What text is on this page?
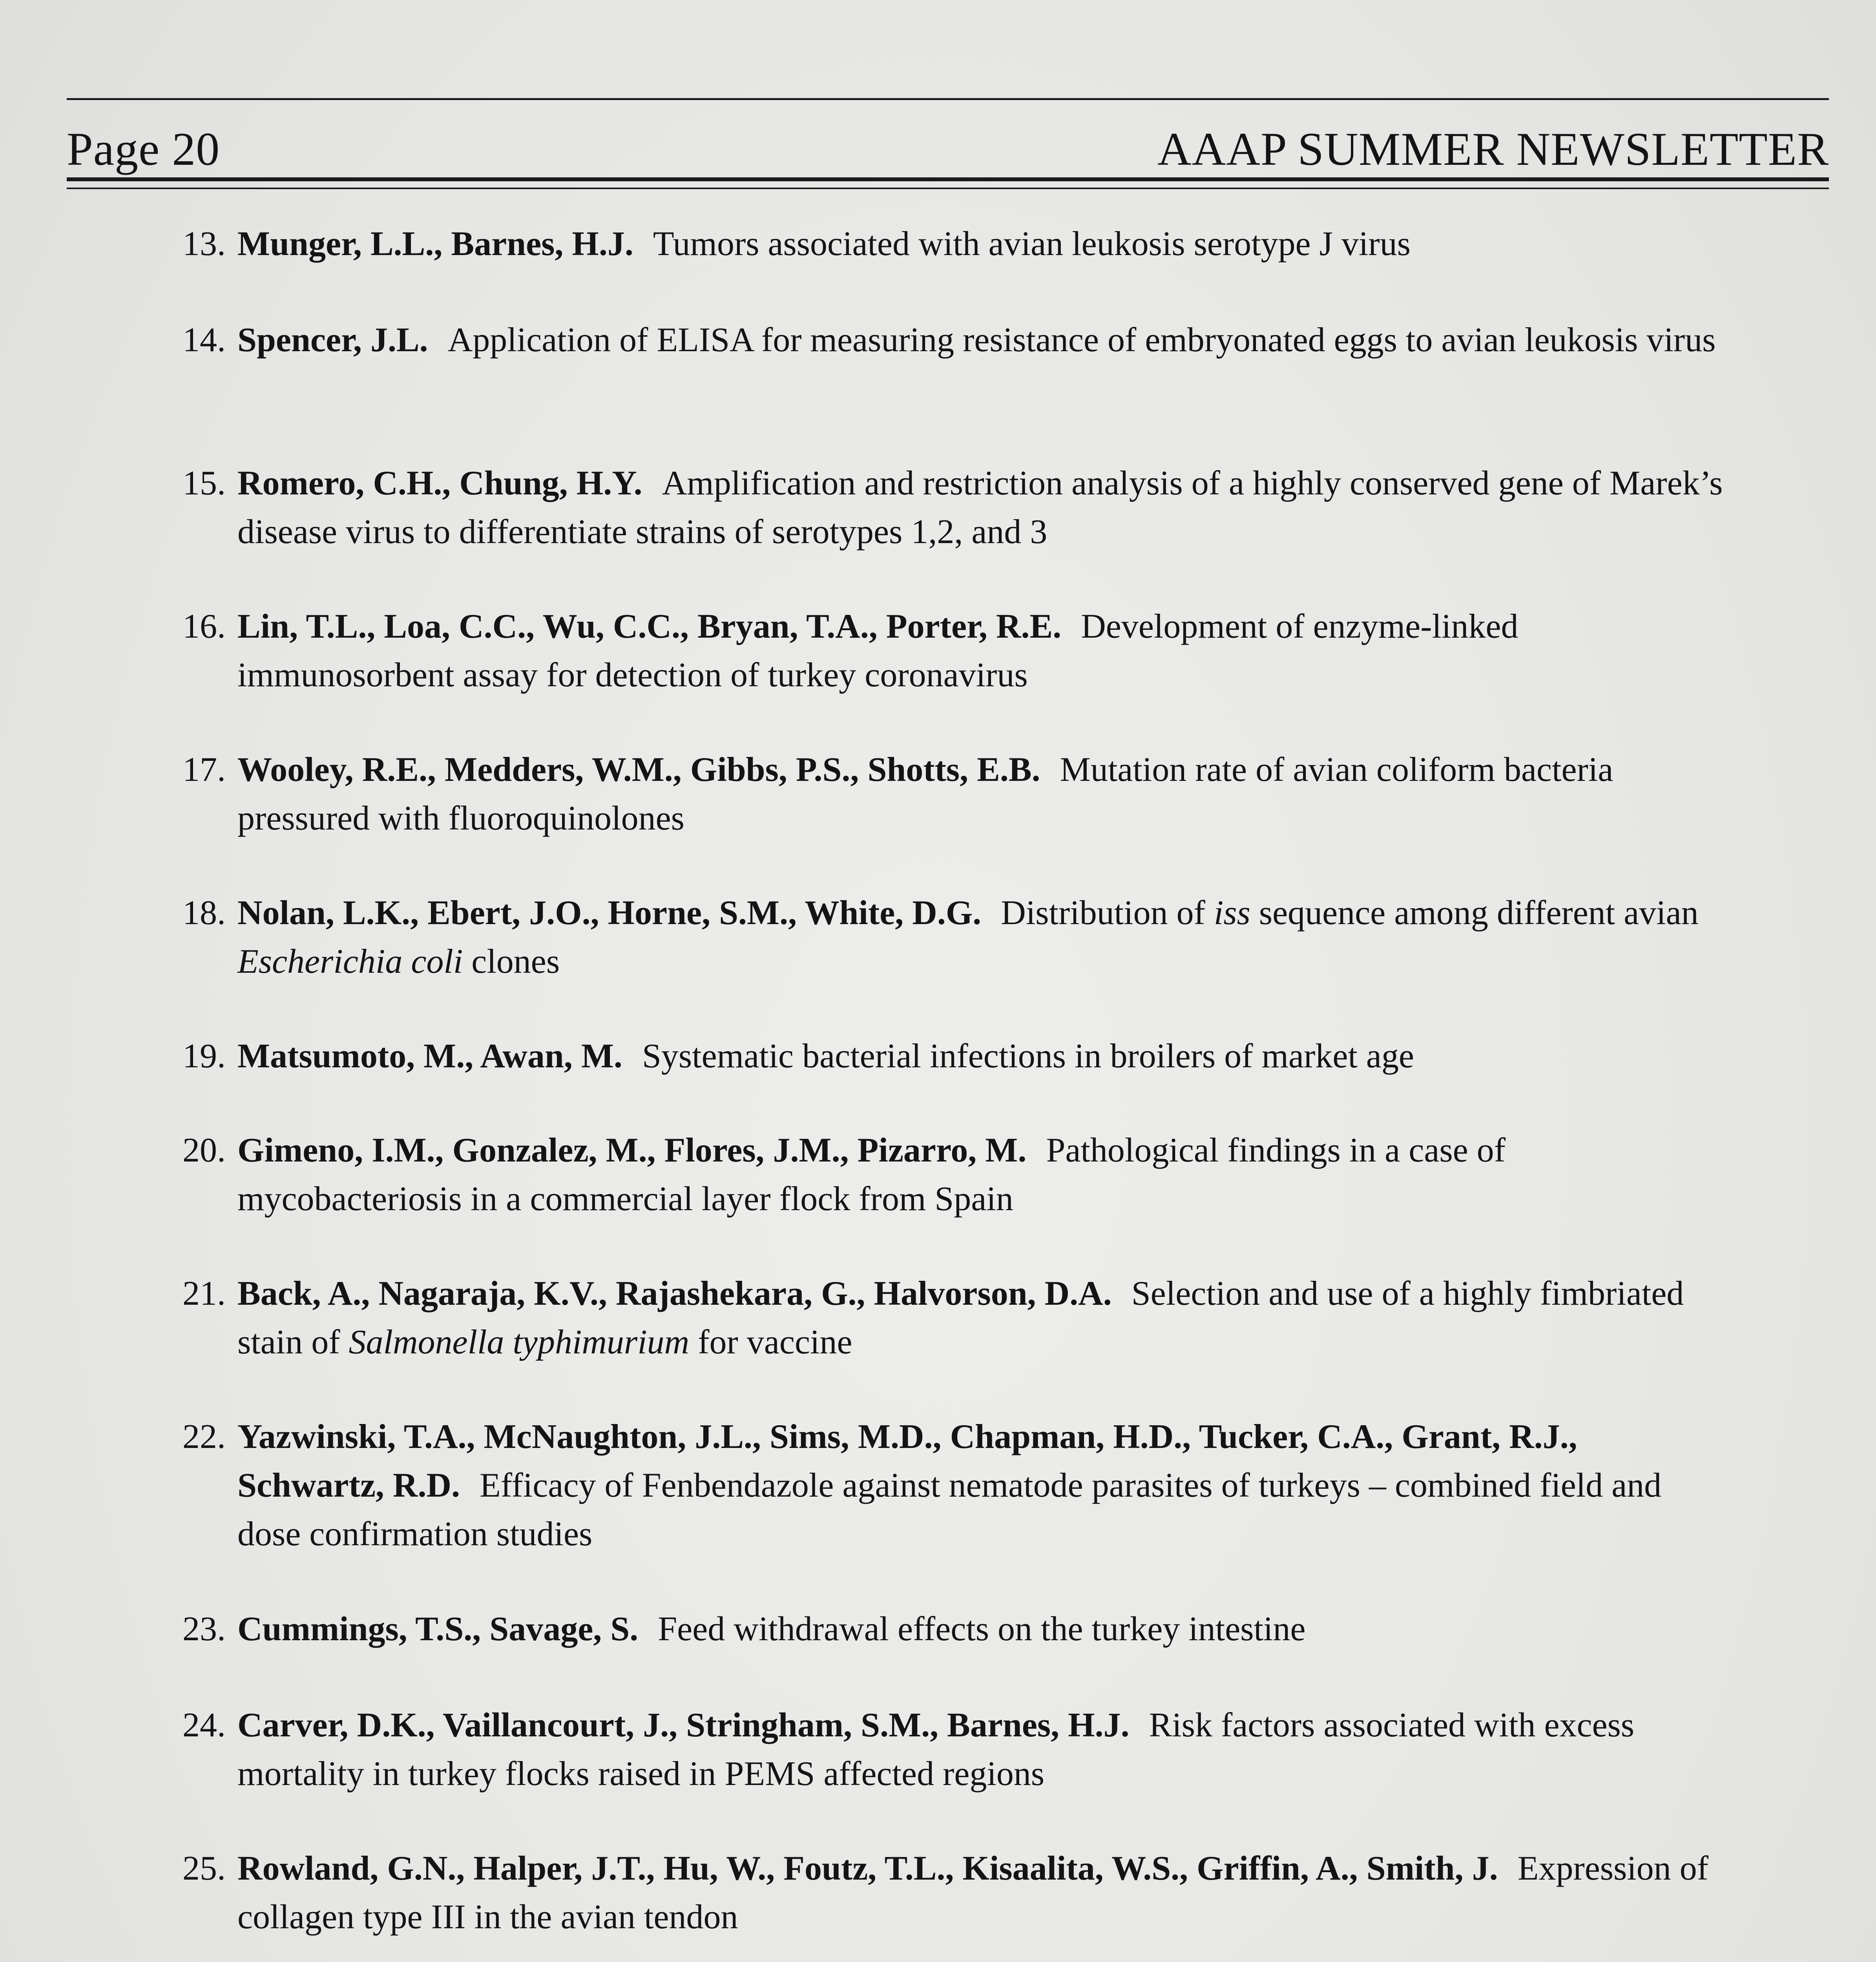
Page 20	AAAP SUMMER NEWSLETTER
13. Munger, L.L., Barnes, H.J. Tumors associated with avian leukosis serotype J virus
14. Spencer, J.L. Application of ELISA for measuring resistance of embryonated eggs to avian leukosis virus
15. Romero, C.H., Chung, H.Y. Amplification and restriction analysis of a highly conserved gene of Marek’s disease virus to differentiate strains of serotypes 1,2, and 3
16. Lin, T.L., Loa, C.C., Wu, C.C., Bryan, T.A., Porter, R.E. Development of enzyme-linked immunosorbent assay for detection of turkey coronavirus
17. Wooley, R.E., Medders, W.M., Gibbs, P.S., Shotts, E.B. Mutation rate of avian coliform bacteria pressured with fluoroquinolones
18. Nolan, L.K., Ebert, J.O., Horne, S.M., White, D.G. Distribution of iss sequence among different avian Escherichia coli clones
19. Matsumoto, M., Awan, M. Systematic bacterial infections in broilers of market age
20. Gimeno, I.M., Gonzalez, M., Flores, J.M., Pizarro, M. Pathological findings in a case of mycobacteriosis in a commercial layer flock from Spain
21. Back, A., Nagaraja, K.V., Rajashekara, G., Halvorson, D.A. Selection and use of a highly fimbriated stain of Salmonella typhimurium for vaccine
22. Yazwinski, T.A., McNaughton, J.L., Sims, M.D., Chapman, H.D., Tucker, C.A., Grant, R.J., Schwartz, R.D. Efficacy of Fenbendazole against nematode parasites of turkeys – combined field and dose confirmation studies
23. Cummings, T.S., Savage, S. Feed withdrawal effects on the turkey intestine
24. Carver, D.K., Vaillancourt, J., Stringham, S.M., Barnes, H.J. Risk factors associated with excess mortality in turkey flocks raised in PEMS affected regions
25. Rowland, G.N., Halper, J.T., Hu, W., Foutz, T.L., Kisaalita, W.S., Griffin, A., Smith, J. Expression of collagen type III in the avian tendon
